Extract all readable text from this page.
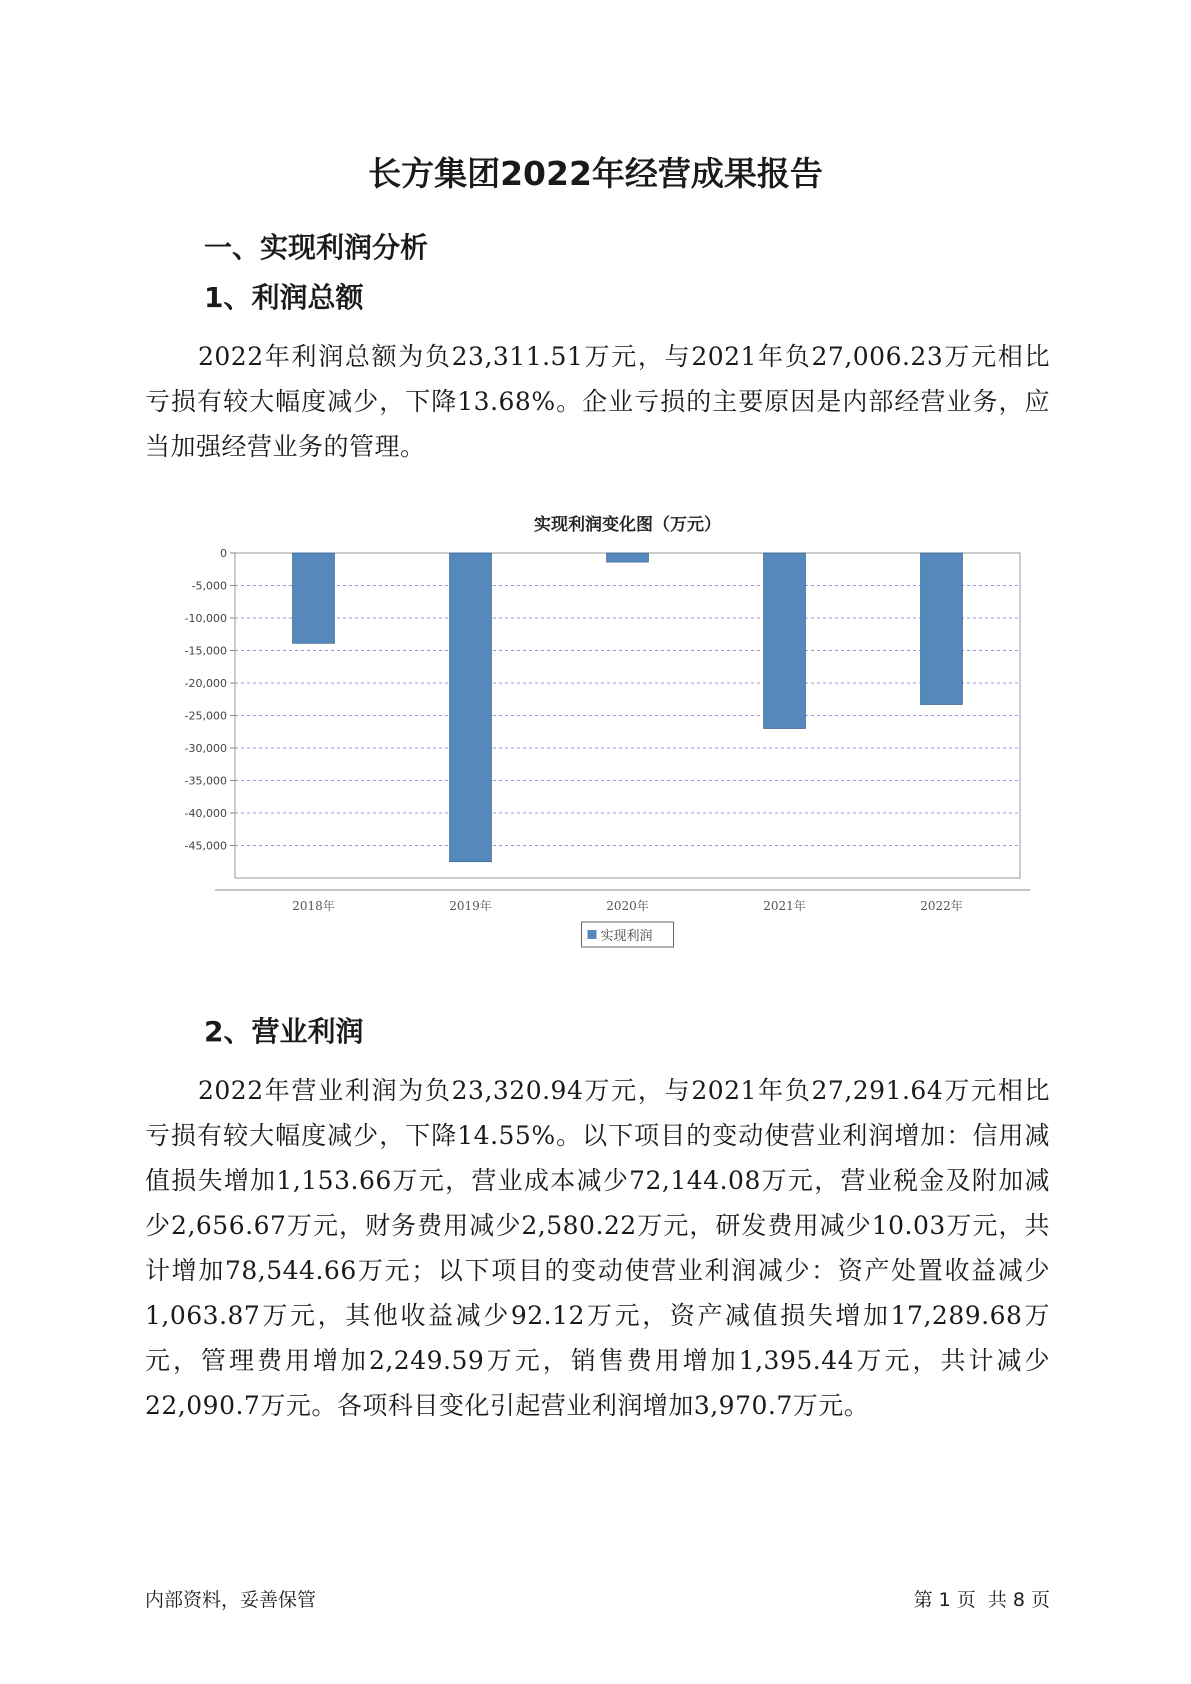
长方集团2022年经营成果报告
一、实现利润分析
1、利润总额
2022年利润总额为负23,311.51万元，与2021年负27,006.23万元相比亏损有较大幅度减少，下降13.68%。企业亏损的主要原因是内部经营业务，应当加强经营业务的管理。
实现利润变化图（万元）
0
-5,000
-10,000
-15,000
-20,000
-25,000
-30,000
-35,000
-40,000
-45,000
2018年	2019年	2020年	2021年	2022年
实现利润
2、营业利润
2022年营业利润为负23,320.94万元，与2021年负27,291.64万元相比亏损有较大幅度减少，下降14.55%。以下项目的变动使营业利润增加：信用减值损失增加1,153.66万元，营业成本减少72,144.08万元，营业税金及附加减少2,656.67万元，财务费用减少2,580.22万元，研发费用减少10.03万元，共计增加78,544.66万元；以下项目的变动使营业利润减少：资产处置收益减少1,063.87万元，其他收益减少92.12万元，资产减值损失增加17,289.68万元，管理费用增加2,249.59万元，销售费用增加1,395.44万元，共计减少22,090.7万元。各项科目变化引起营业利润增加3,970.7万元。
内部资料，妥善保管	第 1 页  共 8 页
